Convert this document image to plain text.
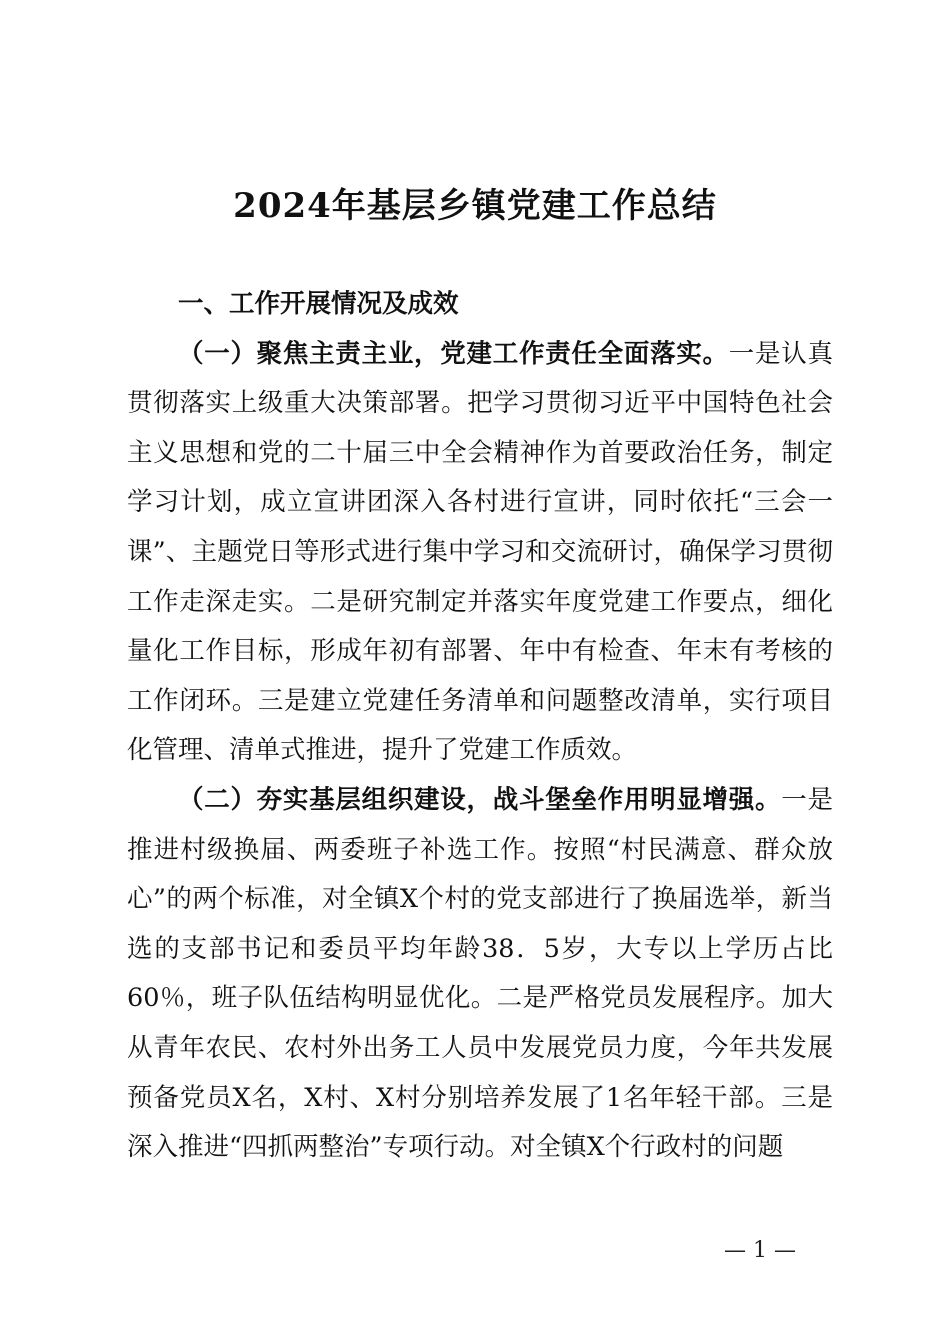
2024年基层乡镇党建工作总结

一、工作开展情况及成效

（一）聚焦主责主业，党建工作责任全面落实。一是认真贯彻落实上级重大决策部署。把学习贯彻习近平中国特色社会主义思想和党的二十届三中全会精神作为首要政治任务，制定学习计划，成立宣讲团深入各村进行宣讲，同时依托“三会一课”、主题党日等形式进行集中学习和交流研讨，确保学习贯彻工作走深走实。二是研究制定并落实年度党建工作要点，细化量化工作目标，形成年初有部署、年中有检查、年末有考核的工作闭环。三是建立党建任务清单和问题整改清单，实行项目化管理、清单式推进，提升了党建工作质效。

（二）夯实基层组织建设，战斗堡垒作用明显增强。一是推进村级换届、两委班子补选工作。按照“村民满意、群众放心”的两个标准，对全镇X个村的党支部进行了换届选举，新当选的支部书记和委员平均年龄38．5岁，大专以上学历占比60％，班子队伍结构明显优化。二是严格党员发展程序。加大从青年农民、农村外出务工人员中发展党员力度，今年共发展预备党员X名，X村、X村分别培养发展了1名年轻干部。三是深入推进“四抓两整治”专项行动。对全镇X个行政村的问题

— 1 —
